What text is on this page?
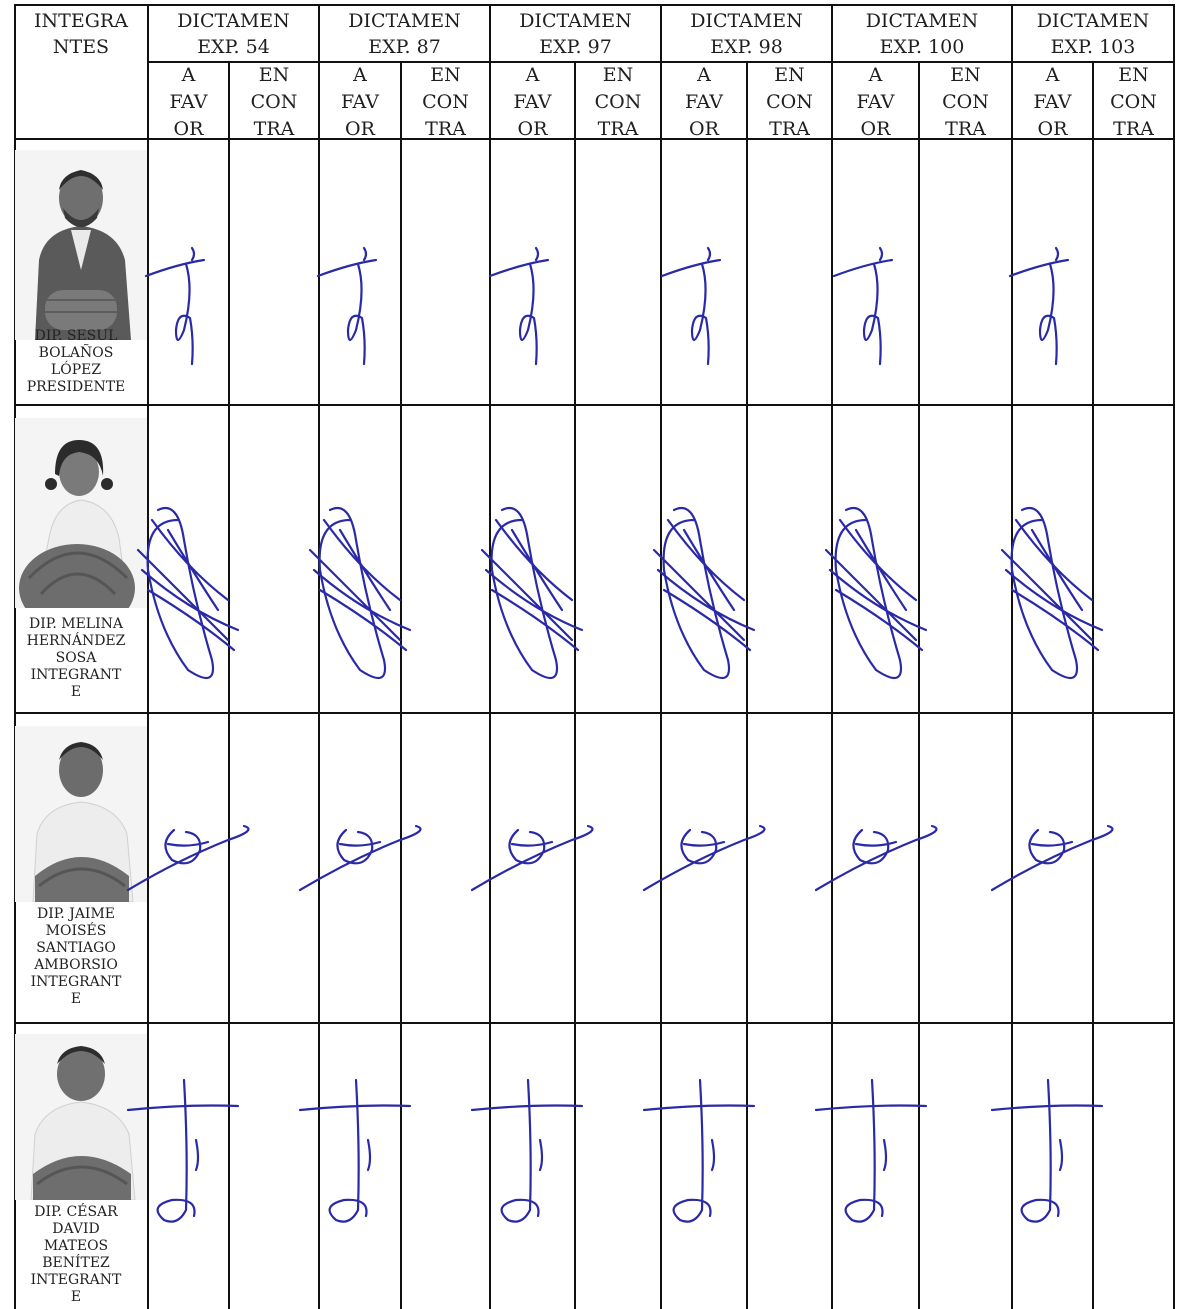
INTEGRA
NTES
DICTAMEN
EXP. 54
DICTAMEN
EXP. 87
DICTAMEN
EXP. 97
DICTAMEN
EXP. 98
DICTAMEN
EXP. 100
DICTAMEN
EXP. 103
A
FAV
OR
EN
CON
TRA
A
FAV
OR
EN
CON
TRA
A
FAV
OR
EN
CON
TRA
A
FAV
OR
EN
CON
TRA
A
FAV
OR
EN
CON
TRA
A
FAV
OR
EN
CON
TRA
DIP. SESUL
BOLAÑOS
LÓPEZ
PRESIDENTE
DIP. MELINA
HERNÁNDEZ
SOSA
INTEGRANT
E
DIP. JAIME
MOISÉS
SANTIAGO
AMBORSIO
INTEGRANT
E
DIP. CÉSAR
DAVID
MATEOS
BENÍTEZ
INTEGRANT
E
